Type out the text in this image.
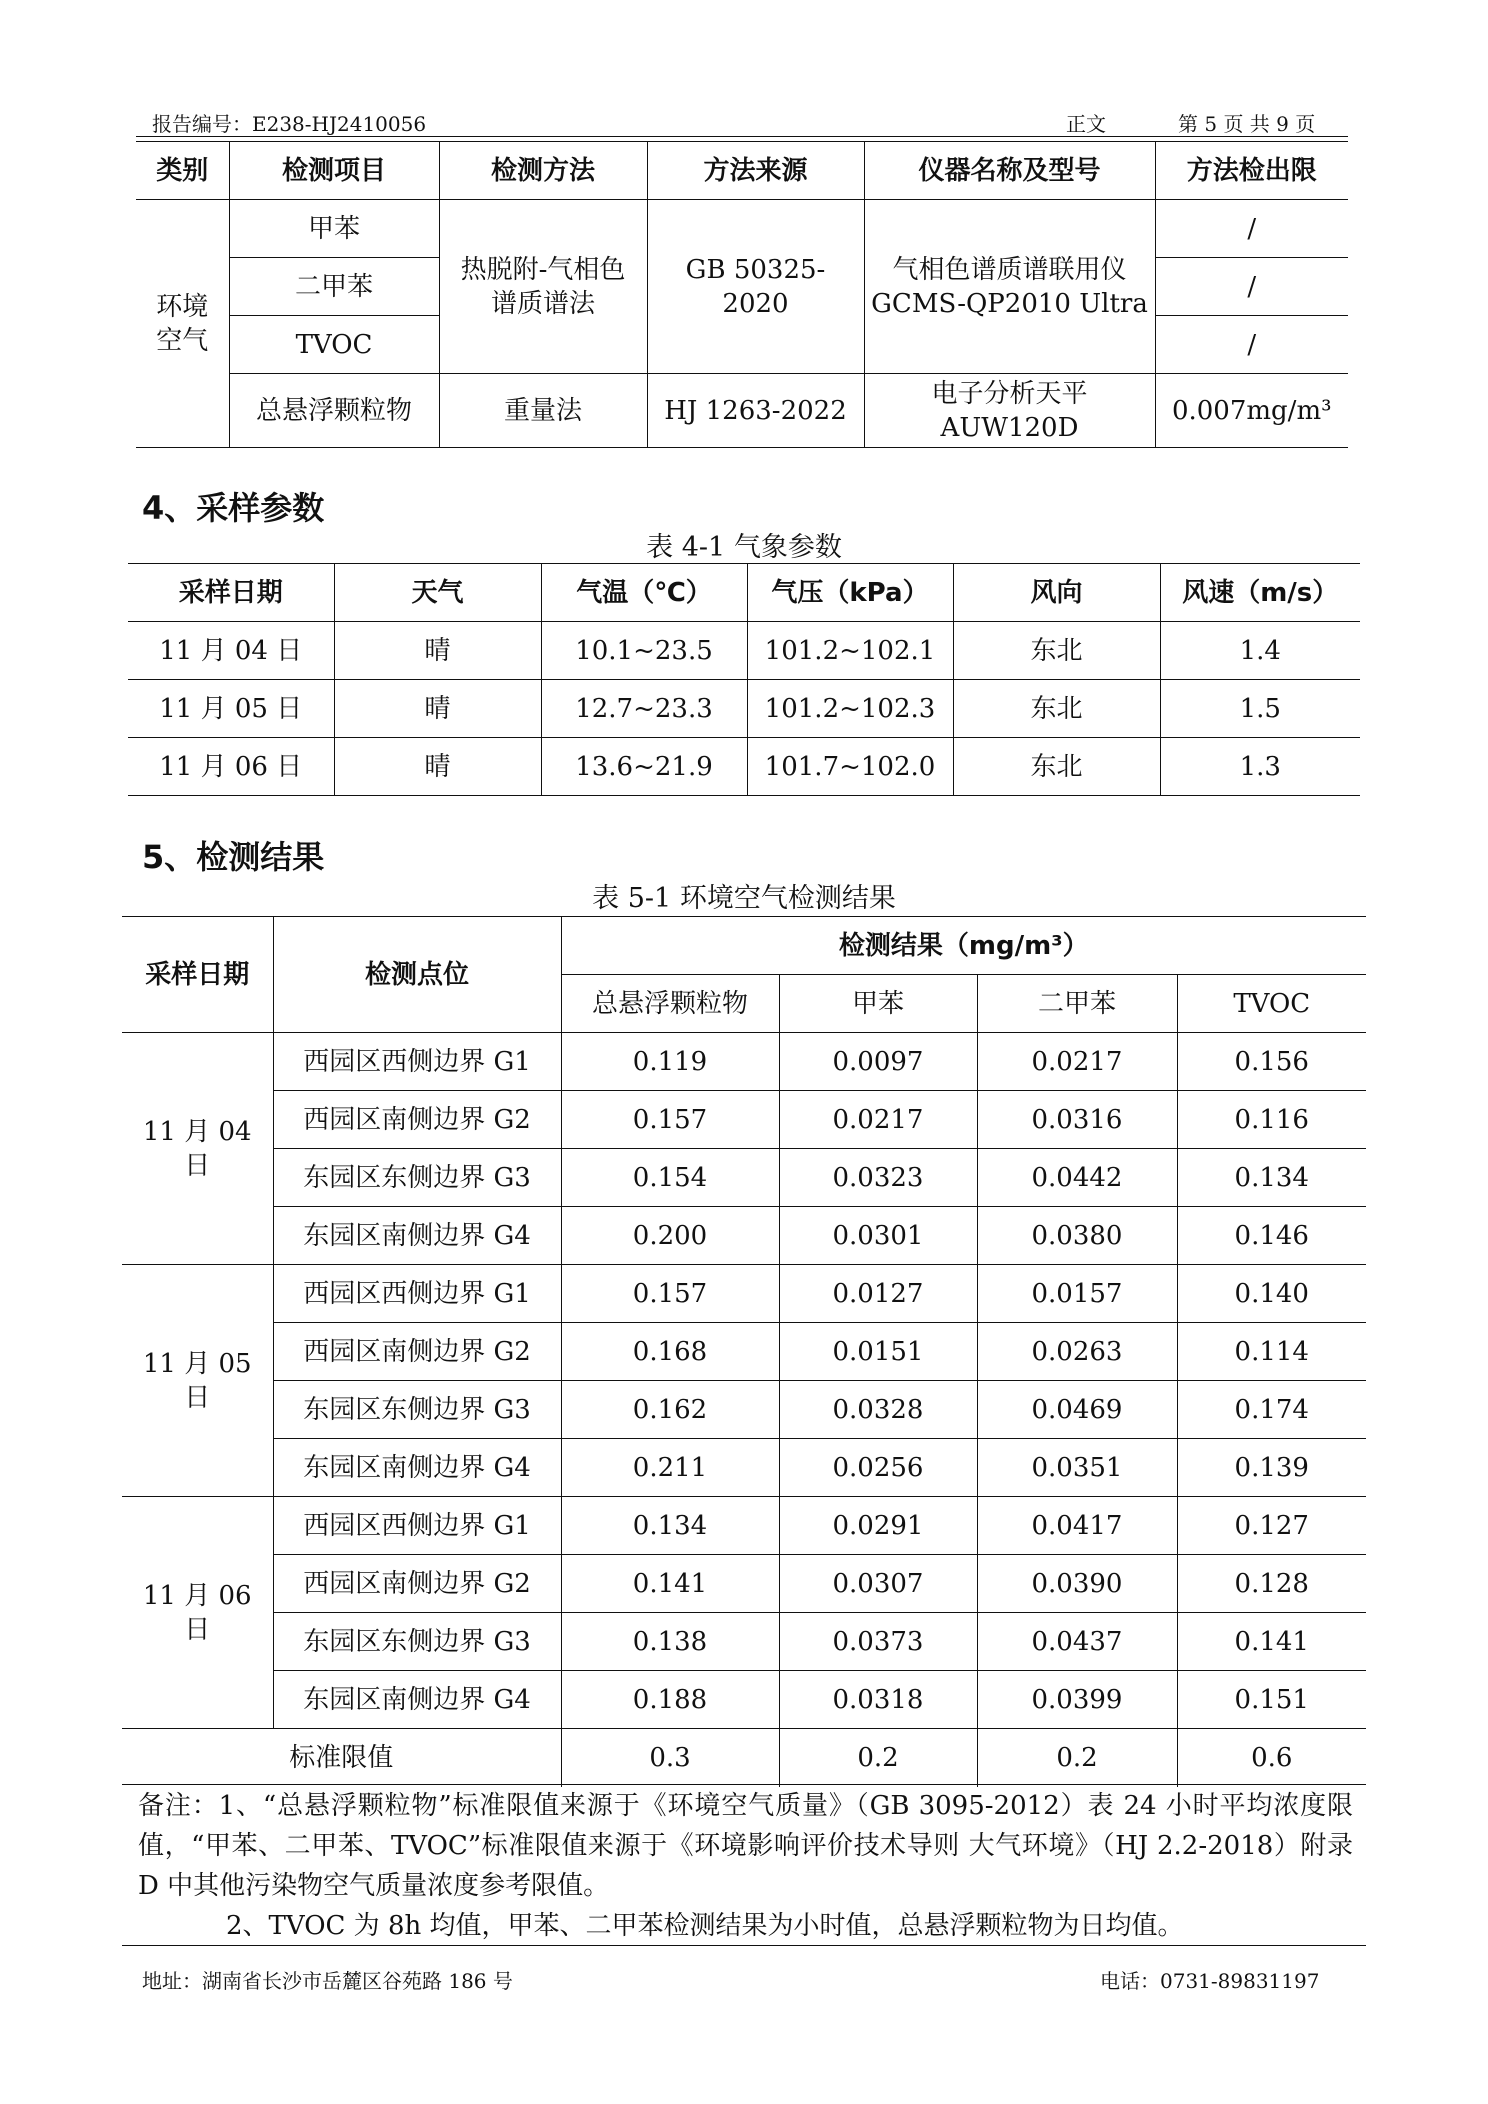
报告编号：E238-HJ2410056	正文	第 5 页 共 9 页
类别	检测项目	检测方法	方法来源	仪器名称及型号	方法检出限
环境空气	甲苯	热脱附-气相色谱质谱法	GB 50325-2020	气相色谱质谱联用仪 GCMS-QP2010 Ultra	/
	二甲苯				/
	TVOC				/
	总悬浮颗粒物	重量法	HJ 1263-2022	电子分析天平 AUW120D	0.007mg/m³
4、采样参数
表 4-1 气象参数
采样日期	天气	气温（℃）	气压（kPa）	风向	风速（m/s）
11 月 04 日	晴	10.1~23.5	101.2~102.1	东北	1.4
11 月 05 日	晴	12.7~23.3	101.2~102.3	东北	1.5
11 月 06 日	晴	13.6~21.9	101.7~102.0	东北	1.3
5、检测结果
表 5-1 环境空气检测结果
采样日期	检测点位	检测结果（mg/m³）			
		总悬浮颗粒物	甲苯	二甲苯	TVOC
11 月 04 日	西园区西侧边界 G1	0.119	0.0097	0.0217	0.156
	西园区南侧边界 G2	0.157	0.0217	0.0316	0.116
	东园区东侧边界 G3	0.154	0.0323	0.0442	0.134
	东园区南侧边界 G4	0.200	0.0301	0.0380	0.146
11 月 05 日	西园区西侧边界 G1	0.157	0.0127	0.0157	0.140
	西园区南侧边界 G2	0.168	0.0151	0.0263	0.114
	东园区东侧边界 G3	0.162	0.0328	0.0469	0.174
	东园区南侧边界 G4	0.211	0.0256	0.0351	0.139
11 月 06 日	西园区西侧边界 G1	0.134	0.0291	0.0417	0.127
	西园区南侧边界 G2	0.141	0.0307	0.0390	0.128
	东园区东侧边界 G3	0.138	0.0373	0.0437	0.141
	东园区南侧边界 G4	0.188	0.0318	0.0399	0.151
标准限值		0.3	0.2	0.2	0.6
备注：1、“总悬浮颗粒物”标准限值来源于《环境空气质量》（GB 3095-2012）表 24 小时平均浓度限值，“甲苯、二甲苯、TVOC”标准限值来源于《环境影响评价技术导则 大气环境》（HJ 2.2-2018）附录 D 中其他污染物空气质量浓度参考限值。
2、TVOC 为 8h 均值，甲苯、二甲苯检测结果为小时值，总悬浮颗粒物为日均值。
地址：湖南省长沙市岳麓区谷苑路 186 号	电话：0731-89831197
